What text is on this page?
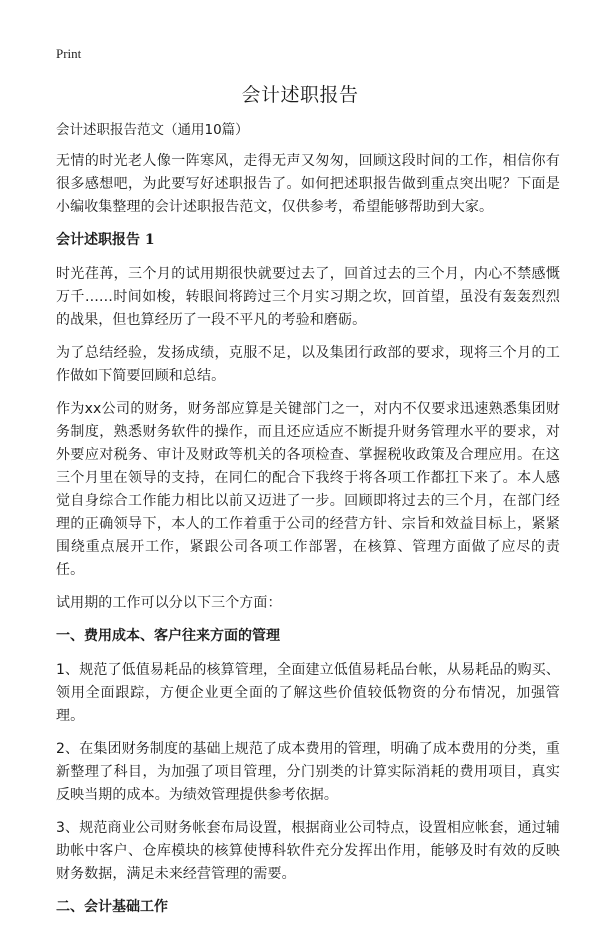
Print
会计述职报告
会计述职报告范文（通用10篇）

无情的时光老人像一阵寒风，走得无声又匆匆，回顾这段时间的工作，相信你有很多感想吧，为此要写好述职报告了。如何把述职报告做到重点突出呢？下面是小编收集整理的会计述职报告范文，仅供参考，希望能够帮助到大家。

会计述职报告 1

时光荏苒，三个月的试用期很快就要过去了，回首过去的三个月，内心不禁感慨万千……时间如梭，转眼间将跨过三个月实习期之坎，回首望，虽没有轰轰烈烈的战果，但也算经历了一段不平凡的考验和磨砺。

为了总结经验，发扬成绩，克服不足，以及集团行政部的要求，现将三个月的工作做如下简要回顾和总结。

作为xx公司的财务，财务部应算是关键部门之一，对内不仅要求迅速熟悉集团财务制度，熟悉财务软件的操作，而且还应适应不断提升财务管理水平的要求，对外要应对税务、审计及财政等机关的各项检查、掌握税收政策及合理应用。在这三个月里在领导的支持，在同仁的配合下我终于将各项工作都扛下来了。本人感觉自身综合工作能力相比以前又迈进了一步。回顾即将过去的三个月，在部门经理的正确领导下，本人的工作着重于公司的经营方针、宗旨和效益目标上，紧紧围绕重点展开工作，紧跟公司各项工作部署，在核算、管理方面做了应尽的责任。

试用期的工作可以分以下三个方面：

一、费用成本、客户往来方面的管理

1、规范了低值易耗品的核算管理，全面建立低值易耗品台帐，从易耗品的购买、领用全面跟踪，方便企业更全面的了解这些价值较低物资的分布情况，加强管理。

2、在集团财务制度的基础上规范了成本费用的管理，明确了成本费用的分类，重新整理了科目，为加强了项目管理，分门别类的计算实际消耗的费用项目，真实反映当期的成本。为绩效管理提供参考依据。

3、规范商业公司财务帐套布局设置，根据商业公司特点，设置相应帐套，通过辅助帐中客户、仓库模块的核算使博科软件充分发挥出作用，能够及时有效的反映财务数据，满足未来经营管理的需要。

二、会计基础工作
